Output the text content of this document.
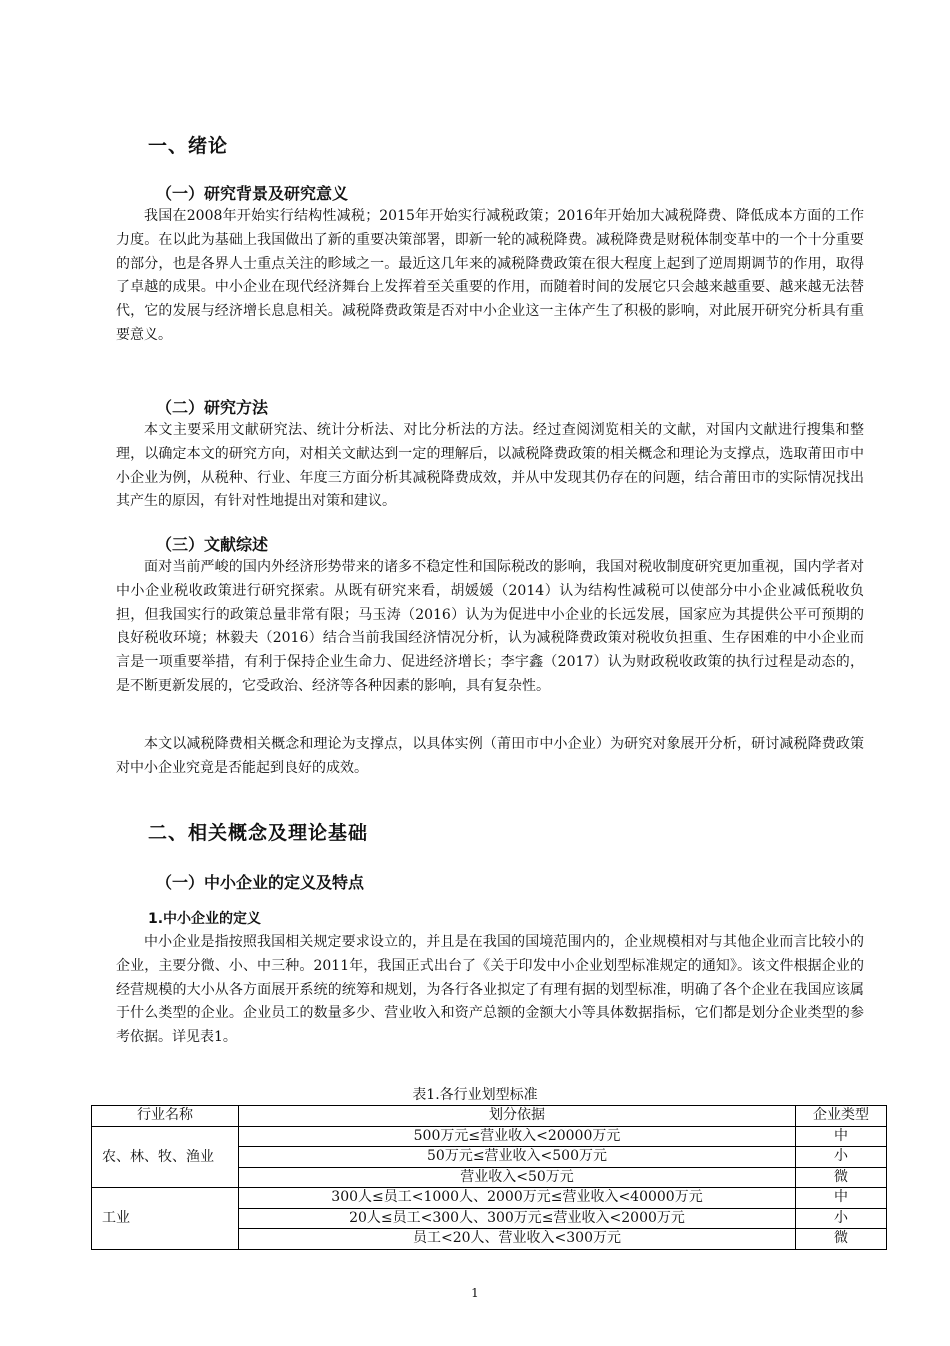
一、绪论
（一）研究背景及研究意义

我国在2008年开始实行结构性减税；2015年开始实行减税政策；2016年开始加大减税降费、降低成本方面的工作力度。在以此为基础上我国做出了新的重要决策部署，即新一轮的减税降费。减税降费是财税体制变革中的一个十分重要的部分，也是各界人士重点关注的畛域之一。最近这几年来的减税降费政策在很大程度上起到了逆周期调节的作用，取得了卓越的成果。中小企业在现代经济舞台上发挥着至关重要的作用，而随着时间的发展它只会越来越重要、越来越无法替代，它的发展与经济增长息息相关。减税降费政策是否对中小企业这一主体产生了积极的影响，对此展开研究分析具有重要意义。

（二）研究方法

本文主要采用文献研究法、统计分析法、对比分析法的方法。经过查阅浏览相关的文献，对国内文献进行搜集和整理，以确定本文的研究方向，对相关文献达到一定的理解后，以减税降费政策的相关概念和理论为支撑点，选取莆田市中小企业为例，从税种、行业、年度三方面分析其减税降费成效，并从中发现其仍存在的问题，结合莆田市的实际情况找出其产生的原因，有针对性地提出对策和建议。

（三）文献综述

面对当前严峻的国内外经济形势带来的诸多不稳定性和国际税改的影响，我国对税收制度研究更加重视，国内学者对中小企业税收政策进行研究探索。从既有研究来看，胡媛媛（2014）认为结构性减税可以使部分中小企业减低税收负担，但我国实行的政策总量非常有限；马玉涛（2016）认为为促进中小企业的长远发展，国家应为其提供公平可预期的良好税收环境；林毅夫（2016）结合当前我国经济情况分析，认为减税降费政策对税收负担重、生存困难的中小企业而言是一项重要举措，有利于保持企业生命力、促进经济增长；李宇鑫（2017）认为财政税收政策的执行过程是动态的，是不断更新发展的，它受政治、经济等各种因素的影响，具有复杂性。

本文以减税降费相关概念和理论为支撑点，以具体实例（莆田市中小企业）为研究对象展开分析，研讨减税降费政策对中小企业究竟是否能起到良好的成效。

二、相关概念及理论基础
（一）中小企业的定义及特点
1.中小企业的定义

中小企业是指按照我国相关规定要求设立的，并且是在我国的国境范围内的，企业规模相对与其他企业而言比较小的企业，主要分微、小、中三种。2011年，我国正式出台了《关于印发中小企业划型标准规定的通知》。该文件根据企业的经营规模的大小从各方面展开系统的统筹和规划，为各行各业拟定了有理有据的划型标准，明确了各个企业在我国应该属于什么类型的企业。企业员工的数量多少、营业收入和资产总额的金额大小等具体数据指标，它们都是划分企业类型的参考依据。详见表1。

表1.各行业划型标准
行业名称	划分依据	企业类型
农、林、牧、渔业	500万元≤营业收入<20000万元	中
	50万元≤营业收入<500万元	小
	营业收入<50万元	微
工业	300人≤员工<1000人、2000万元≤营业收入<40000万元	中
	20人≤员工<300人、300万元≤营业收入<2000万元	小
	员工<20人、营业收入<300万元	微
1
